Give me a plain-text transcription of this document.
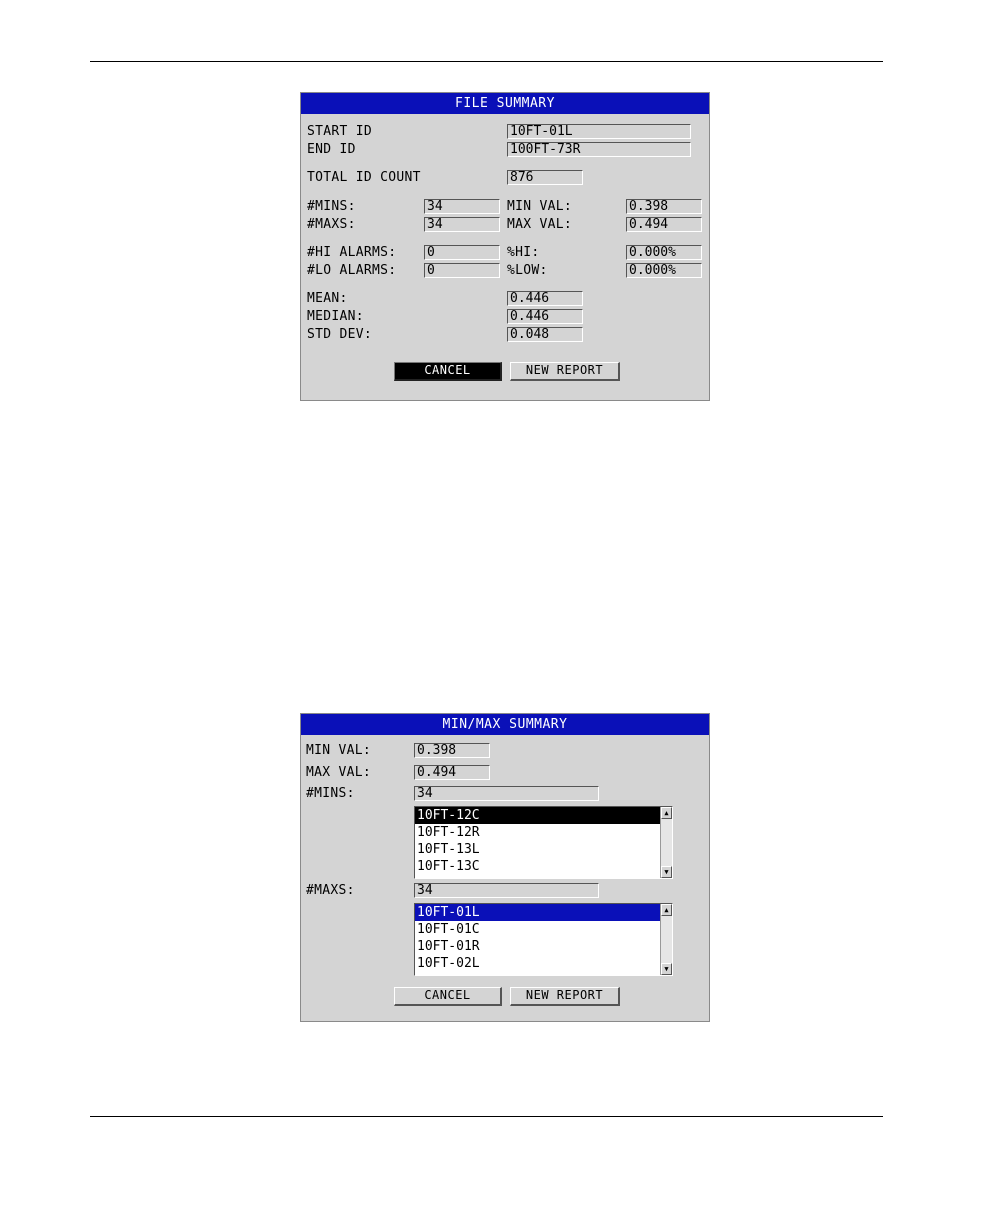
FILE SUMMARY
START ID	10FT-01L
END ID	100FT-73R
TOTAL ID COUNT	876
#MINS:	34	MIN VAL:	0.398
#MAXS:	34	MAX VAL:	0.494
#HI ALARMS: 0	%HI:	0.000%
#LO ALARMS: 0	%LOW:	0.000%
MEAN:	0.446
MEDIAN:	0.446
STD DEV:	0.048
CANCEL	NEW REPORT
MIN/MAX SUMMARY
MIN VAL:	0.398
MAX VAL:	0.494
#MINS:	34
10FT-12C
10FT-12R
10FT-13L
10FT-13C
▲
▼
#MAXS:	34
10FT-01L
10FT-01C
10FT-01R
10FT-02L
▲
▼
CANCEL	NEW REPORT
